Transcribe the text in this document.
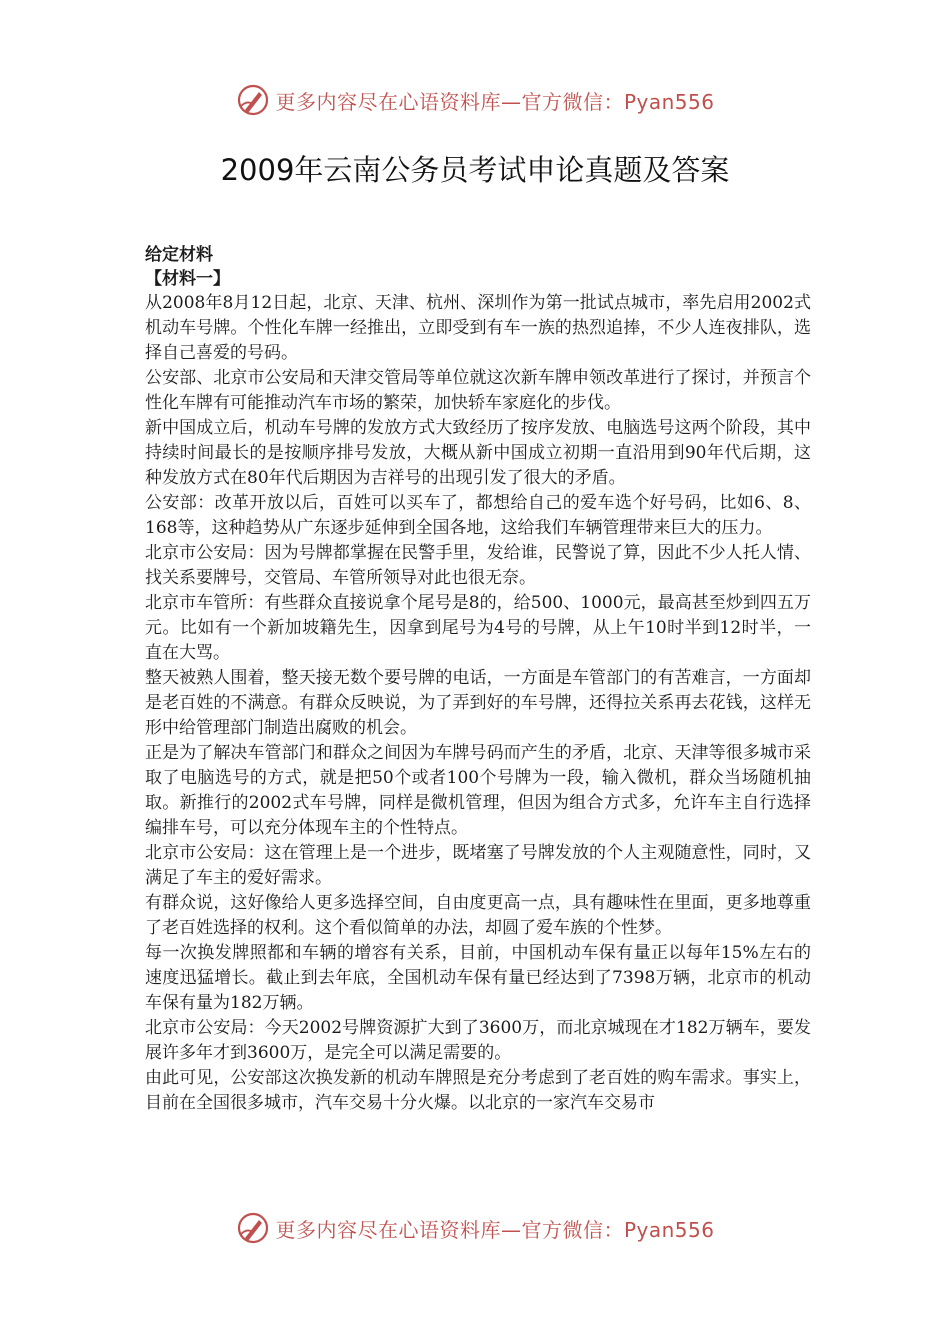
更多内容尽在心语资料库—官方微信：Pyan556
2009年云南公务员考试申论真题及答案

给定材料

【材料一】

从2008年8月12日起，北京、天津、杭州、深圳作为第一批试点城市，率先启用2002式机动车号牌。个性化车牌一经推出，立即受到有车一族的热烈追捧，不少人连夜排队，选择自己喜爱的号码。

公安部、北京市公安局和天津交管局等单位就这次新车牌申领改革进行了探讨，并预言个性化车牌有可能推动汽车市场的繁荣，加快轿车家庭化的步伐。

新中国成立后，机动车号牌的发放方式大致经历了按序发放、电脑选号这两个阶段，其中持续时间最长的是按顺序排号发放，大概从新中国成立初期一直沿用到90年代后期，这种发放方式在80年代后期因为吉祥号的出现引发了很大的矛盾。

公安部：改革开放以后，百姓可以买车了，都想给自己的爱车选个好号码，比如6、8、168等，这种趋势从广东逐步延伸到全国各地，这给我们车辆管理带来巨大的压力。

北京市公安局：因为号牌都掌握在民警手里，发给谁，民警说了算，因此不少人托人情、找关系要牌号，交管局、车管所领导对此也很无奈。

北京市车管所：有些群众直接说拿个尾号是8的，给500、1000元，最高甚至炒到四五万元。比如有一个新加坡籍先生，因拿到尾号为4号的号牌，从上午10时半到12时半，一直在大骂。

整天被熟人围着，整天接无数个要号牌的电话，一方面是车管部门的有苦难言，一方面却是老百姓的不满意。有群众反映说，为了弄到好的车号牌，还得拉关系再去花钱，这样无形中给管理部门制造出腐败的机会。

正是为了解决车管部门和群众之间因为车牌号码而产生的矛盾，北京、天津等很多城市采取了电脑选号的方式，就是把50个或者100个号牌为一段，输入微机，群众当场随机抽取。新推行的2002式车号牌，同样是微机管理，但因为组合方式多，允许车主自行选择编排车号，可以充分体现车主的个性特点。

北京市公安局：这在管理上是一个进步，既堵塞了号牌发放的个人主观随意性，同时，又满足了车主的爱好需求。

有群众说，这好像给人更多选择空间，自由度更高一点，具有趣味性在里面，更多地尊重了老百姓选择的权利。这个看似简单的办法，却圆了爱车族的个性梦。

每一次换发牌照都和车辆的增容有关系，目前，中国机动车保有量正以每年15%左右的速度迅猛增长。截止到去年底，全国机动车保有量已经达到了7398万辆，北京市的机动车保有量为182万辆。

北京市公安局：今天2002号牌资源扩大到了3600万，而北京城现在才182万辆车，要发展许多年才到3600万，是完全可以满足需要的。

由此可见，公安部这次换发新的机动车牌照是充分考虑到了老百姓的购车需求。事实上，目前在全国很多城市，汽车交易十分火爆。以北京的一家汽车交易市

更多内容尽在心语资料库—官方微信：Pyan556
